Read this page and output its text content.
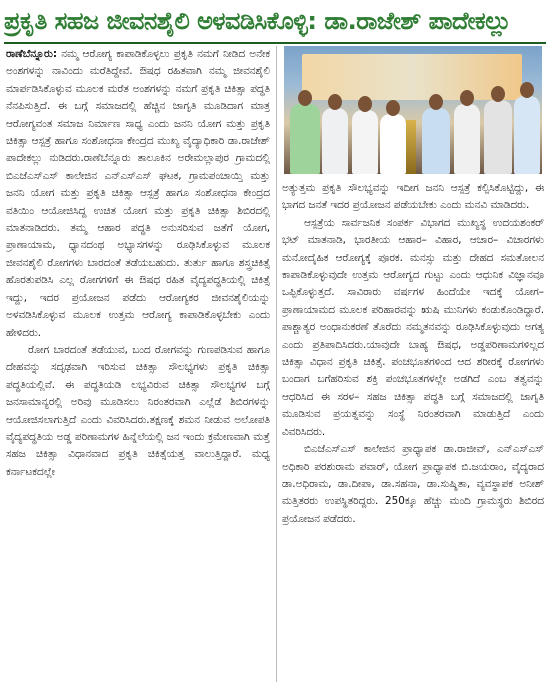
ಪ್ರಕೃತಿ ಸಹಜ ಜೀವನಶೈಲಿ ಅಳವಡಿಸಿಕೊಳ್ಳಿ: ಡಾ.ರಾಜೇಶ್ ಪಾದೇಕಲ್ಲು

ರಾಣೆಬೆನ್ನೂರು: ನಮ್ಮ ಆರೋಗ್ಯ ಕಾಪಾಡಿಕೊಳ್ಳಲು ಪ್ರಕೃತಿ ನಮಗೆ ನೀಡಿದ ಅನೇಕ ಅಂಶಗಳನ್ನು ನಾವಿಂದು ಮರೆತಿದ್ದೇವೆ. ಔಷಧ ರಹಿತವಾಗಿ ನಮ್ಮ ಜೀವನಶೈಲಿ ಮಾರ್ಪಡಿಸಿಕೊಳ್ಳುವ ಮೂಲಕ ಮರೆತ ಅಂಶಗಳನ್ನು ನಮಗೆ ಪ್ರಕೃತಿ ಚಿಕಿತ್ಸಾ ಪದ್ಧತಿ ನೆನಪಿಸುತ್ತಿದೆ. ಈ ಬಗ್ಗೆ ಸಮಾಜದಲ್ಲಿ ಹೆಚ್ಚಿನ ಜಾಗೃತಿ ಮೂಡಿದಾಗ ಮಾತ್ರ ಆರೋಗ್ಯವಂತ ಸಮಾಜ ನಿರ್ಮಾಣ ಸಾಧ್ಯ ಎಂದು ಜನನಿ ಯೋಗ ಮತ್ತು ಪ್ರಕೃತಿ ಚಿಕಿತ್ಸಾ ಆಸ್ಪತ್ರೆ ಹಾಗೂ ಸಂಶೋಧನಾ ಕೇಂದ್ರದ ಮುಖ್ಯ ವೈದ್ಯಾಧಿಕಾರಿ ಡಾ.ರಾಜೇಶ್ ಪಾದೇಕಲ್ಲು ನುಡಿದರು.ರಾಣೆಬೆನ್ನೂರು ತಾಲೂಕಿನ ಅರೇಮಲ್ಲಾಪುರ ಗ್ರಾಮದಲ್ಲಿ ಬಿಎಜೆಎಸ್‌ಎಸ್ ಕಾಲೇಜಿನ ಎನ್‌ಎಸ್‌ಎಸ್ ಘಟಕ, ಗ್ರಾಮಪಂಚಾಯ್ತಿ ಮತ್ತು ಜನನಿ ಯೋಗ ಮತ್ತು ಪ್ರಕೃತಿ ಚಿಕಿತ್ಸಾ ಆಸ್ಪತ್ರೆ ಹಾಗೂ ಸಂಶೋಧನಾ ಕೇಂದ್ರದ ವತಿಯಿಂ ಆಯೋಜಿಸಿದ್ದ ಉಚಿತ ಯೋಗ ಮತ್ತು ಪ್ರಕೃತಿ ಚಿಕಿತ್ಸಾ ಶಿಬಿರದಲ್ಲಿ ಮಾತನಾಡಿದರು. ತಮ್ಮ ಆಹಾರ ಪದ್ಧತಿ ಅನುಸರಿಸುವ ಜತೆಗೆ ಯೋಗ, ಪ್ರಾಣಾಯಾಮ, ಧ್ಯಾನದಂಥ ಅಭ್ಯಾಸಗಳನ್ನು ರೂಢಿಸಿಕೊಳ್ಳುವ ಮೂಲಕ ಜೀವನಶೈಲಿ ರೋಗಗಳು ಬಾರದಂತೆ ತಡೆಯಬಹುದು. ತುರ್ತು ಹಾಗೂ ಶಸ್ತ್ರಚಿಕಿತ್ಸೆ ಹೊರತುಪಡಿಸಿ ಎಲ್ಲ ರೋಗಗಳಿಗೆ ಈ ಔಷಧ ರಹಿತ ವೈದ್ಯಪದ್ಧತಿಯಲ್ಲಿ ಚಿಕಿತ್ಸೆ ಇದ್ದು, ಇದರ ಪ್ರಯೋಜನ ಪಡೆದು ಆರೋಗ್ಯಕರ ಜೀವನಶೈಲಿಯನ್ನು ಅಳವಡಿಸಿಕೊಳ್ಳುವ ಮೂಲಕ ಉತ್ತಮ ಆರೋಗ್ಯ ಕಾಪಾಡಿಕೊಳ್ಳಬೇಕು ಎಂದು ಹೇಳಿದರು.

ರೋಗ ಬಾರದಂತೆ ತಡೆಯುವ, ಬಂದ ರೋಗವನ್ನು ಗುಣಪಡಿಸುವ ಹಾಗೂ ದೇಹವನ್ನು ಸದೃಢವಾಗಿ ಇರಿಸುವ ಚಿಕಿತ್ಸಾ ಸೌಲಭ್ಯಗಳು ಪ್ರಕೃತಿ ಚಿಕಿತ್ಸಾ ಪದ್ಧತಿಯಲ್ಲಿವೆ. ಈ ಪದ್ಧತಿಯಡಿ ಲಭ್ಯವಿರುವ ಚಿಕಿತ್ಸಾ ಸೌಲಭ್ಯಗಳ ಬಗ್ಗೆ ಜನಸಾಮಾನ್ಯರಲ್ಲಿ ಅರಿವು ಮೂಡಿಸಲು ನಿರಂತರವಾಗಿ ಎಲ್ಲೆಡೆ ಶಿಬಿರಗಳನ್ನು ಆಯೋಜಿಸಲಾಗುತ್ತಿದೆ ಎಂದು ವಿವರಿಸಿದರು.ತಕ್ಷಣಕ್ಕೆ ಶಮನ ನೀಡುವ ಅಲೋಪತಿ ವೈದ್ಯಪದ್ಧತಿಯ ಅಡ್ಡ ಪರಿಣಾಮಗಳ ಹಿನ್ನೆಲೆಯಲ್ಲಿ ಜನ ಇಂದು ಕ್ರಮೇಣವಾಗಿ ಮತ್ತೆ ಸಹಜ ಚಿಕಿತ್ಸಾ ವಿಧಾನವಾದ ಪ್ರಕೃತಿ ಚಿಕಿತ್ಸೆಯತ್ತ ವಾಲುತ್ತಿದ್ದಾರೆ. ಮಧ್ಯ ಕರ್ನಾಟಕದಲ್ಲೇ

ಅತ್ಯುತ್ತಮ ಪ್ರಕೃತಿ ಸೌಲಭ್ಯವನ್ನು ಇದೀಗ ಜನನಿ ಆಸ್ಪತ್ರೆ ಕಲ್ಪಿಸಿಕೊಟ್ಟಿದ್ದು, ಈ ಭಾಗದ ಜನತೆ ಇದರ ಪ್ರಯೋಜನ ಪಡೆಯಬೇಕು ಎಂದು ಮನವಿ ಮಾಡಿದರು.

ಆಸ್ಪತ್ರೆಯ ಸಾರ್ವಜನಿಕ ಸಂಪರ್ಕ ವಿಭಾಗದ ಮುಖ್ಯಸ್ಥ ಉದಯಶಂಕರ್ ಭಟ್ ಮಾತನಾಡಿ, ಭಾರತೀಯ ಆಹಾರ– ವಿಹಾರ, ಆಚಾರ– ವಿಚಾರಗಳು ಮನೋದೈಹಿಕ ಆರೋಗ್ಯಕ್ಕೆ ಪೂರಕ. ಮನಸ್ಸು ಮತ್ತು ದೇಹದ ಸಮತೋಲನ ಕಾಪಾಡಿಕೊಳ್ಳುವುದೇ ಉತ್ತಮ ಆರೋಗ್ಯದ ಗುಟ್ಟು ಎಂದು ಆಧುನಿಕ ವಿಜ್ಞಾನವೂ ಒಪ್ಪಿಕೊಳ್ಳುತ್ತದೆ. ಸಾವಿರಾರು ವರ್ಷಗಳ ಹಿಂದೆಯೇ ಇದಕ್ಕೆ ಯೋಗ– ಪ್ರಾಣಾಯಾಮದ ಮೂಲಕ ಪರಿಹಾರವನ್ನು ಋಷಿ ಮುನಿಗಳು ಕಂಡುಕೊಂಡಿದ್ದಾರೆ. ಪಾಶ್ಚಾತ್ಯರ ಅಂಧಾನುಕರಣೆ ತೊರೆದು ನಮ್ಮತನವನ್ನು ರೂಢಿಸಿಕೊಳ್ಳುವುದು ಅಗತ್ಯ ಎಂದು ಪ್ರತಿಪಾದಿಸಿದರು.ಯಾವುದೇ ಬಾಹ್ಯ ಔಷಧ, ಅಡ್ಡಪರಿಣಾಮಗಳಿಲ್ಲದ ಚಿಕಿತ್ಸಾ ವಿಧಾನ ಪ್ರಕೃತಿ ಚಿಕಿತ್ಸೆ. ಪಂಚಭೂತಗಳಿಂದ ಆದ ಶರೀರಕ್ಕೆ ರೋಗಗಳು ಬಂದಾಗ ಬಗೆಹರಿಸುವ ಶಕ್ತಿ ಪಂಚಭೂತಗಳಲ್ಲೇ ಅಡಗಿದೆ ಎಂಬ ತತ್ವವನ್ನು ಆಧರಿಸಿದ ಈ ಸರಳ– ಸಹಜ ಚಿಕಿತ್ಸಾ ಪದ್ಧತಿ ಬಗ್ಗೆ ಸಮಾಜದಲ್ಲಿ ಜಾಗೃತಿ ಮೂಡಿಸುವ ಪ್ರಯತ್ನವನ್ನು ಸಂಸ್ಥೆ ನಿರಂತರವಾಗಿ ಮಾಡುತ್ತಿದೆ ಎಂದು ವಿವರಿಸಿದರು.

ಬಿಎಜೆಎಸ್‌ಎಸ್ ಕಾಲೇಜಿನ ಪ್ರಾಧ್ಯಾಪಕ ಡಾ.ರಾಜೀವ್, ಎನ್‌ಎಸ್‌ಎಸ್ ಅಧಿಕಾರಿ ಪರಶುರಾಮ ಪವಾರ್, ಯೋಗ ಪ್ರಾಧ್ಯಾಪಕ ಬಿ.ಜಯರಾಂ, ವೈದ್ಯರಾದ ಡಾ.ಅಧಿರಾಮ, ಡಾ.ದೀಪಾ, ಡಾ.ಸಹನಾ, ಡಾ.ಸುಷ್ಮಿತಾ, ವ್ಯವಸ್ಥಾಪಕ ಅನೀಶ್ ಮತ್ತಿತರರು ಉಪಸ್ಥಿತರಿದ್ದರು. 250ಕ್ಕೂ ಹೆಚ್ಚು ಮಂದಿ ಗ್ರಾಮಸ್ಥರು ಶಿಬಿರದ ಪ್ರಯೋಜನ ಪಡೆದರು.
